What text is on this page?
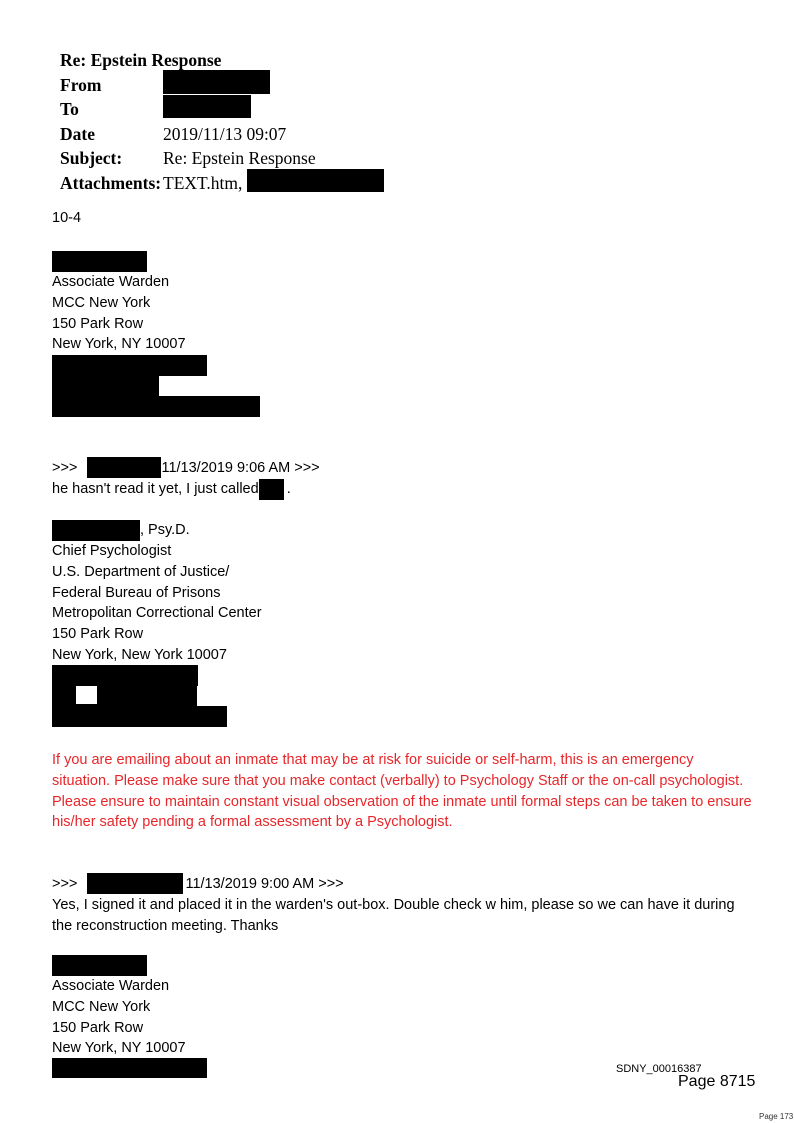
Re: Epstein Response
From
To
Date	2019/11/13 09:07
Subject: Re: Epstein Response
Attachments: TEXT.htm,
10-4
Associate Warden
MCC New York
150 Park Row
New York, NY 10007
>>>	11/13/2019 9:06 AM >>>
he hasn't read it yet, I just called .
, Psy.D.
Chief Psychologist
U.S. Department of Justice/
Federal Bureau of Prisons
Metropolitan Correctional Center
150 Park Row
New York, New York 10007
If you are emailing about an inmate that may be at risk for suicide or self-harm, this is an emergency
situation. Please make sure that you make contact (verbally) to Psychology Staff or the on-call psychologist.
Please ensure to maintain constant visual observation of the inmate until formal steps can be taken to ensure
his/her safety pending a formal assessment by a Psychologist.
>>>	11/13/2019 9:00 AM >>>
Yes, I signed it and placed it in the warden's out-box. Double check w him, please so we can have it during
the reconstruction meeting. Thanks
Associate Warden
MCC New York
150 Park Row
New York, NY 10007
SDNY_00016387
Page 8715
Page 173
